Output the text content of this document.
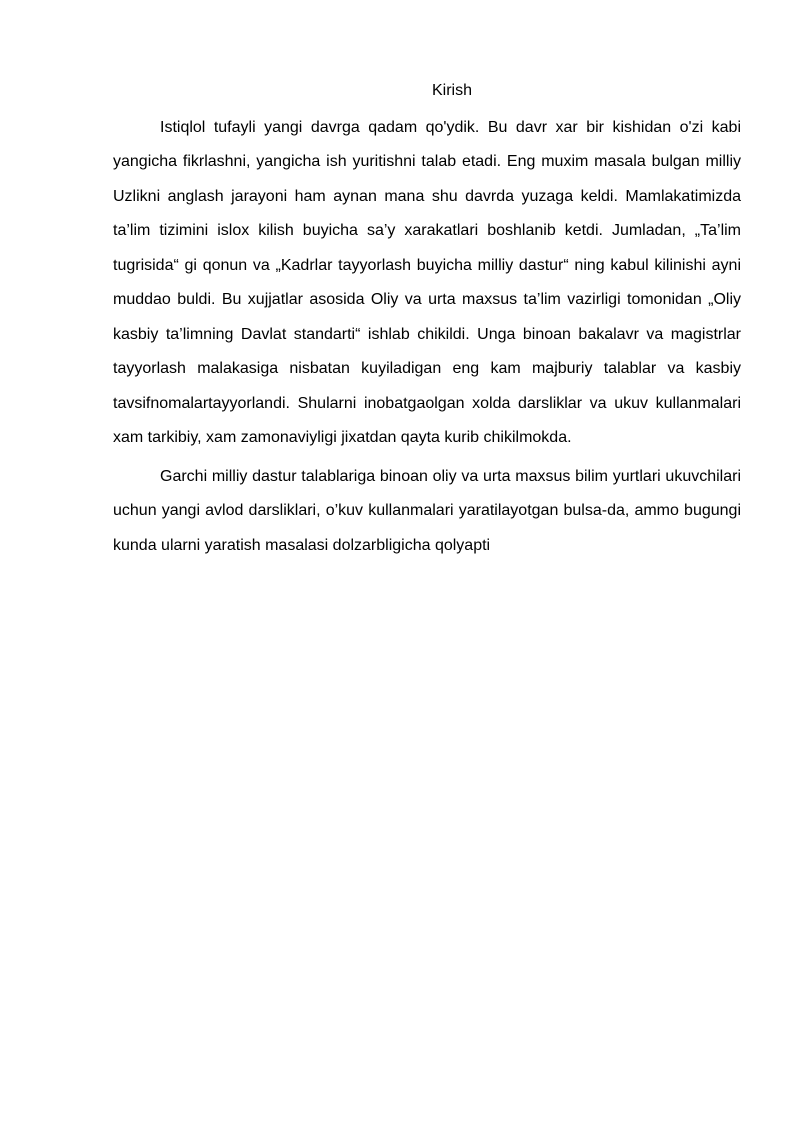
Kirish

Istiqlol tufayli yangi davrga qadam qo'ydik. Bu davr xar bir kishidan o'zi kabi yangicha fikrlashni, yangicha ish yuritishni talab etadi. Eng muxim masala bulgan milliy Uzlikni anglash jarayoni ham aynan mana shu davrda yuzaga keldi. Mamlakatimizda ta’lim tizimini islox kilish buyicha sa’y xarakatlari boshlanib ketdi. Jumladan, „Ta’lim tugrisida“ gi qonun va „Kadrlar tayyorlash buyicha milliy dastur“ ning kabul kilinishi ayni muddao buldi. Bu xujjatlar asosida Oliy va urta maxsus ta’lim vazirligi tomonidan „Oliy kasbiy ta’limning Davlat standarti“ ishlab chikildi. Unga binoan bakalavr va magistrlar tayyorlash malakasiga nisbatan kuyiladigan eng kam majburiy talablar va kasbiy tavsifnomalartayyorlandi. Shularni inobatgaolgan xolda darsliklar va ukuv kullanmalari xam tarkibiy, xam zamonaviyligi jixatdan qayta kurib chikilmokda.

Garchi milliy dastur talablariga binoan oliy va urta maxsus bilim yurtlari ukuvchilari uchun yangi avlod darsliklari, o’kuv kullanmalari yaratilayotgan bulsa-da, ammo bugungi kunda ularni yaratish masalasi dolzarbligicha qolyapti
